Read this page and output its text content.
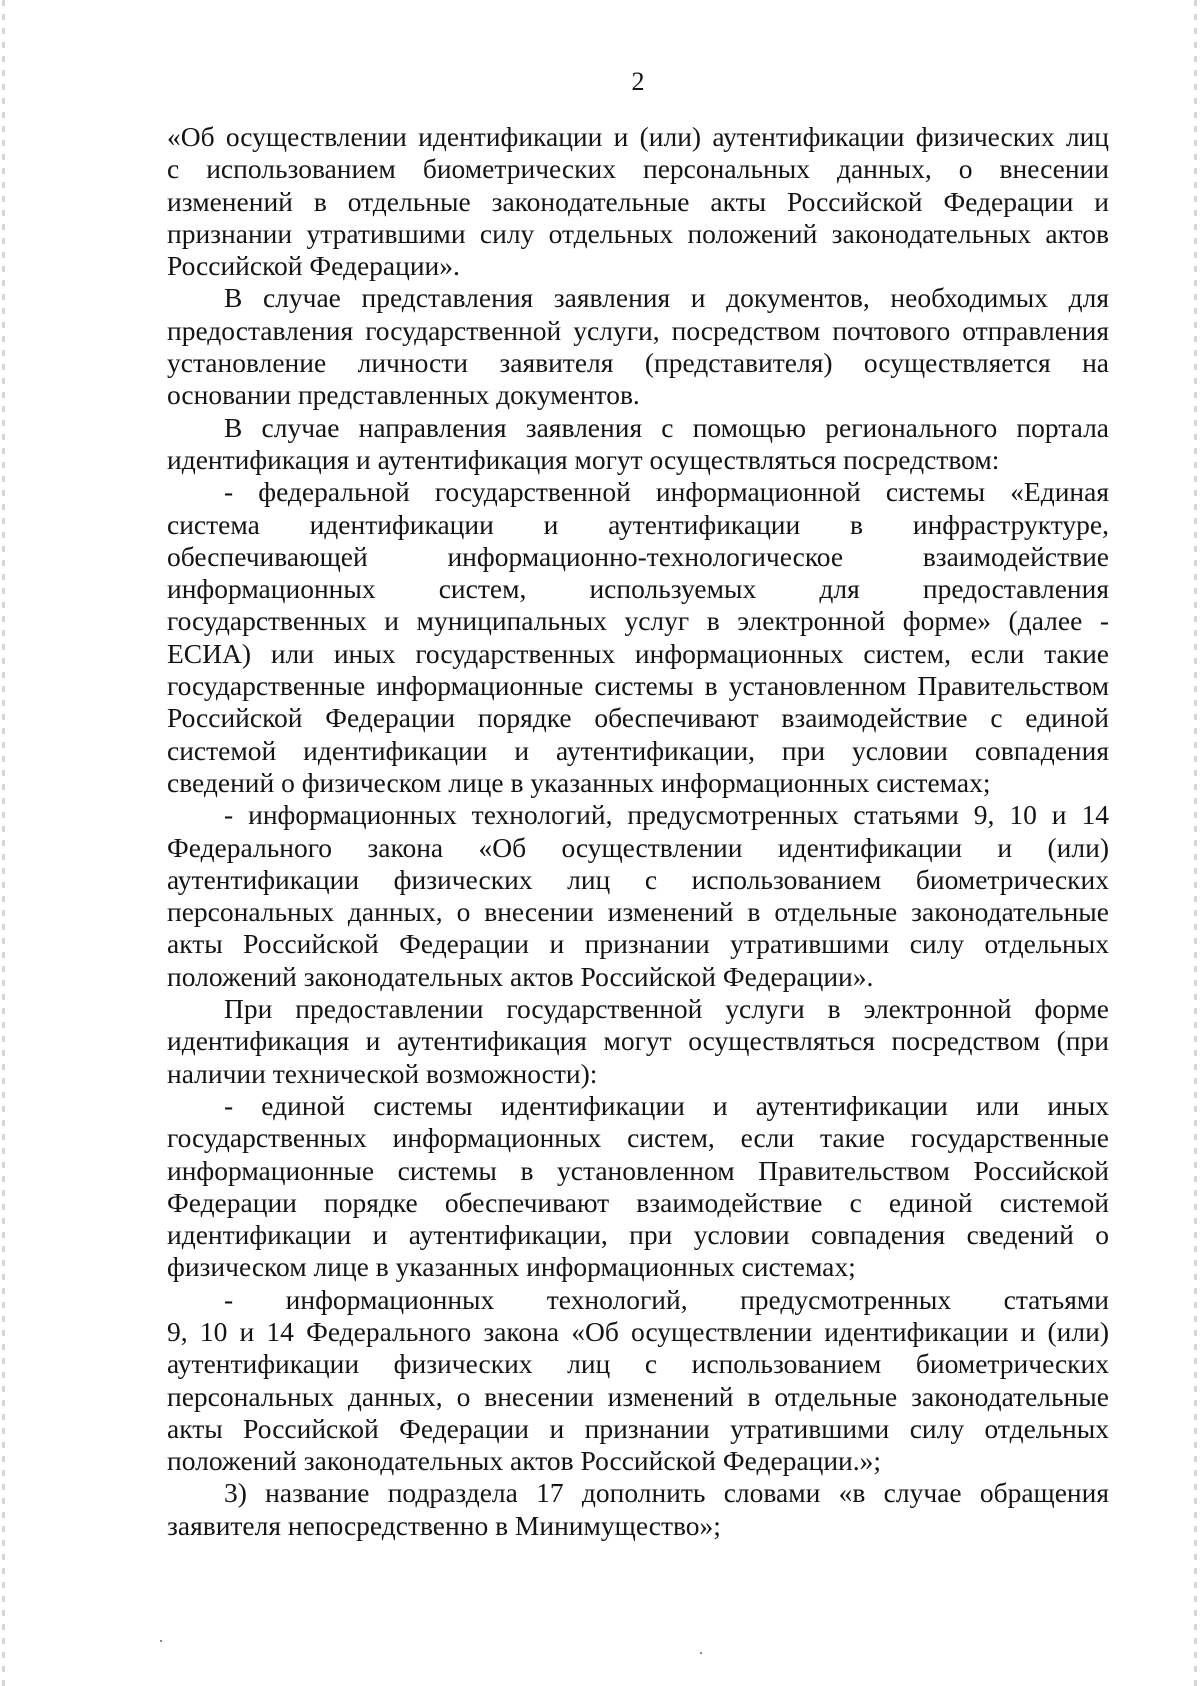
2
«Об осуществлении идентификации и (или) аутентификации физических лиц
с использованием биометрических персональных данных, о внесении
изменений в отдельные законодательные акты Российской Федерации и
признании утратившими силу отдельных положений законодательных актов
Российской Федерации».
В случае представления заявления и документов, необходимых для
предоставления государственной услуги, посредством почтового отправления
установление личности заявителя (представителя) осуществляется на
основании представленных документов.
В случае направления заявления с помощью регионального портала
идентификация и аутентификация могут осуществляться посредством:
- федеральной государственной информационной системы «Единая
система идентификации и аутентификации в инфраструктуре,
обеспечивающей информационно-технологическое взаимодействие
информационных систем, используемых для предоставления
государственных и муниципальных услуг в электронной форме» (далее -
ЕСИА) или иных государственных информационных систем, если такие
государственные информационные системы в установленном Правительством
Российской Федерации порядке обеспечивают взаимодействие с единой
системой идентификации и аутентификации, при условии совпадения
сведений о физическом лице в указанных информационных системах;
- информационных технологий, предусмотренных статьями 9, 10 и 14
Федерального закона «Об осуществлении идентификации и (или)
аутентификации физических лиц с использованием биометрических
персональных данных, о внесении изменений в отдельные законодательные
акты Российской Федерации и признании утратившими силу отдельных
положений законодательных актов Российской Федерации».
При предоставлении государственной услуги в электронной форме
идентификация и аутентификация могут осуществляться посредством (при
наличии технической возможности):
- единой системы идентификации и аутентификации или иных
государственных информационных систем, если такие государственные
информационные системы в установленном Правительством Российской
Федерации порядке обеспечивают взаимодействие с единой системой
идентификации и аутентификации, при условии совпадения сведений о
физическом лице в указанных информационных системах;
- информационных технологий, предусмотренных статьями
9, 10 и 14 Федерального закона «Об осуществлении идентификации и (или)
аутентификации физических лиц с использованием биометрических
персональных данных, о внесении изменений в отдельные законодательные
акты Российской Федерации и признании утратившими силу отдельных
положений законодательных актов Российской Федерации.»;
3) название подраздела 17 дополнить словами «в случае обращения
заявителя непосредственно в Минимущество»;
